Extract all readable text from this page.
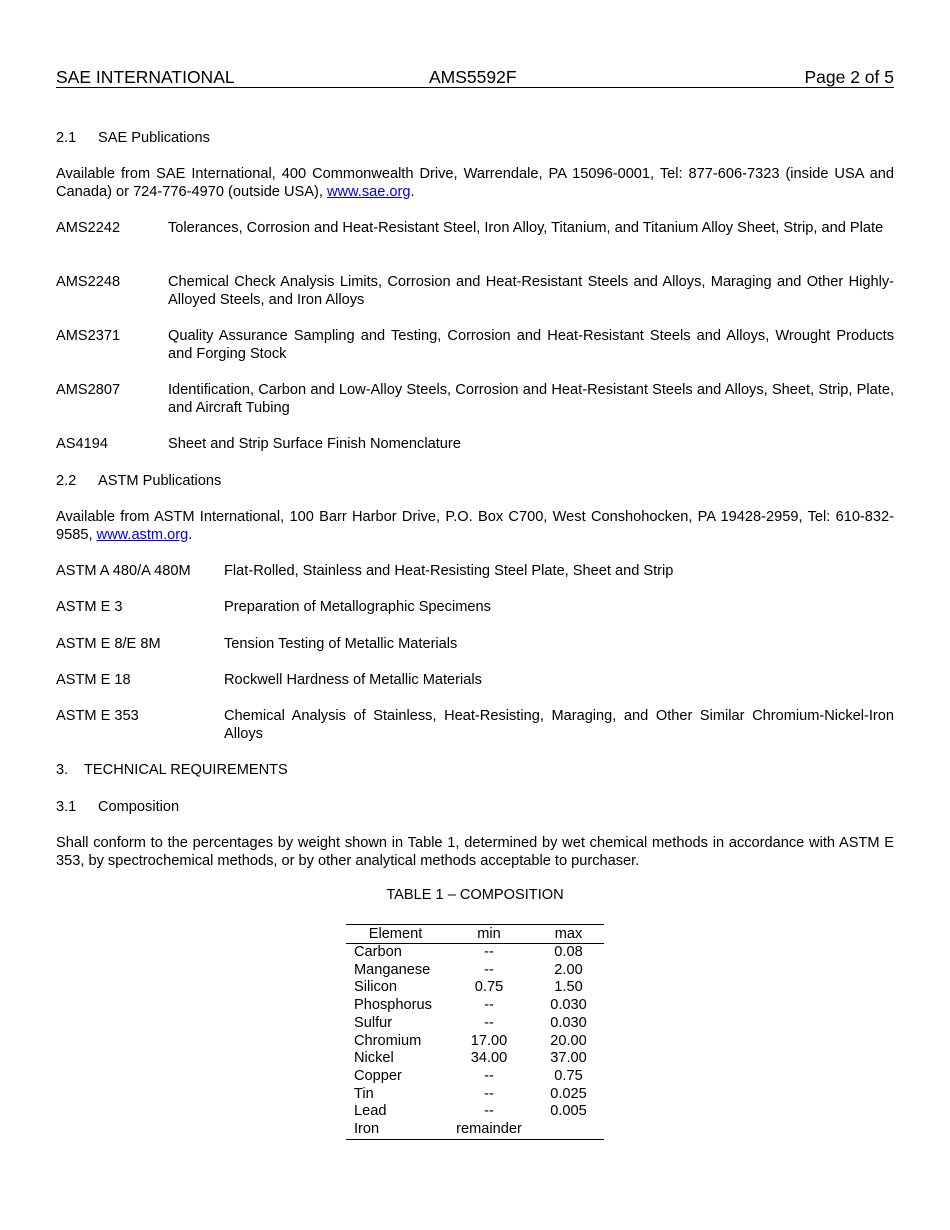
SAE INTERNATIONAL	AMS5592F	Page 2 of 5
2.1 SAE Publications
Available from SAE International, 400 Commonwealth Drive, Warrendale, PA 15096-0001, Tel: 877-606-7323 (inside USA and Canada) or 724-776-4970 (outside USA), www.sae.org.
AMS2242	Tolerances, Corrosion and Heat-Resistant Steel, Iron Alloy, Titanium, and Titanium Alloy Sheet, Strip, and Plate
AMS2248	Chemical Check Analysis Limits, Corrosion and Heat-Resistant Steels and Alloys, Maraging and Other Highly-Alloyed Steels, and Iron Alloys
AMS2371	Quality Assurance Sampling and Testing, Corrosion and Heat-Resistant Steels and Alloys, Wrought Products and Forging Stock
AMS2807	Identification, Carbon and Low-Alloy Steels, Corrosion and Heat-Resistant Steels and Alloys, Sheet, Strip, Plate, and Aircraft Tubing
AS4194	Sheet and Strip Surface Finish Nomenclature
2.2 ASTM Publications
Available from ASTM International, 100 Barr Harbor Drive, P.O. Box C700, West Conshohocken, PA 19428-2959, Tel: 610-832-9585, www.astm.org.
ASTM A 480/A 480M Flat-Rolled, Stainless and Heat-Resisting Steel Plate, Sheet and Strip
ASTM E 3	Preparation of Metallographic Specimens
ASTM E 8/E 8M	Tension Testing of Metallic Materials
ASTM E 18	Rockwell Hardness of Metallic Materials
ASTM E 353	Chemical Analysis of Stainless, Heat-Resisting, Maraging, and Other Similar Chromium-Nickel-Iron Alloys
3. TECHNICAL REQUIREMENTS
3.1 Composition
Shall conform to the percentages by weight shown in Table 1, determined by wet chemical methods in accordance with ASTM E 353, by spectrochemical methods, or by other analytical methods acceptable to purchaser.
TABLE 1 – COMPOSITION
Element	min	max
Carbon	--	0.08
Manganese	--	2.00
Silicon	0.75	1.50
Phosphorus	--	0.030
Sulfur	--	0.030
Chromium	17.00	20.00
Nickel	34.00	37.00
Copper	--	0.75
Tin	--	0.025
Lead	--	0.005
Iron	remainder	
